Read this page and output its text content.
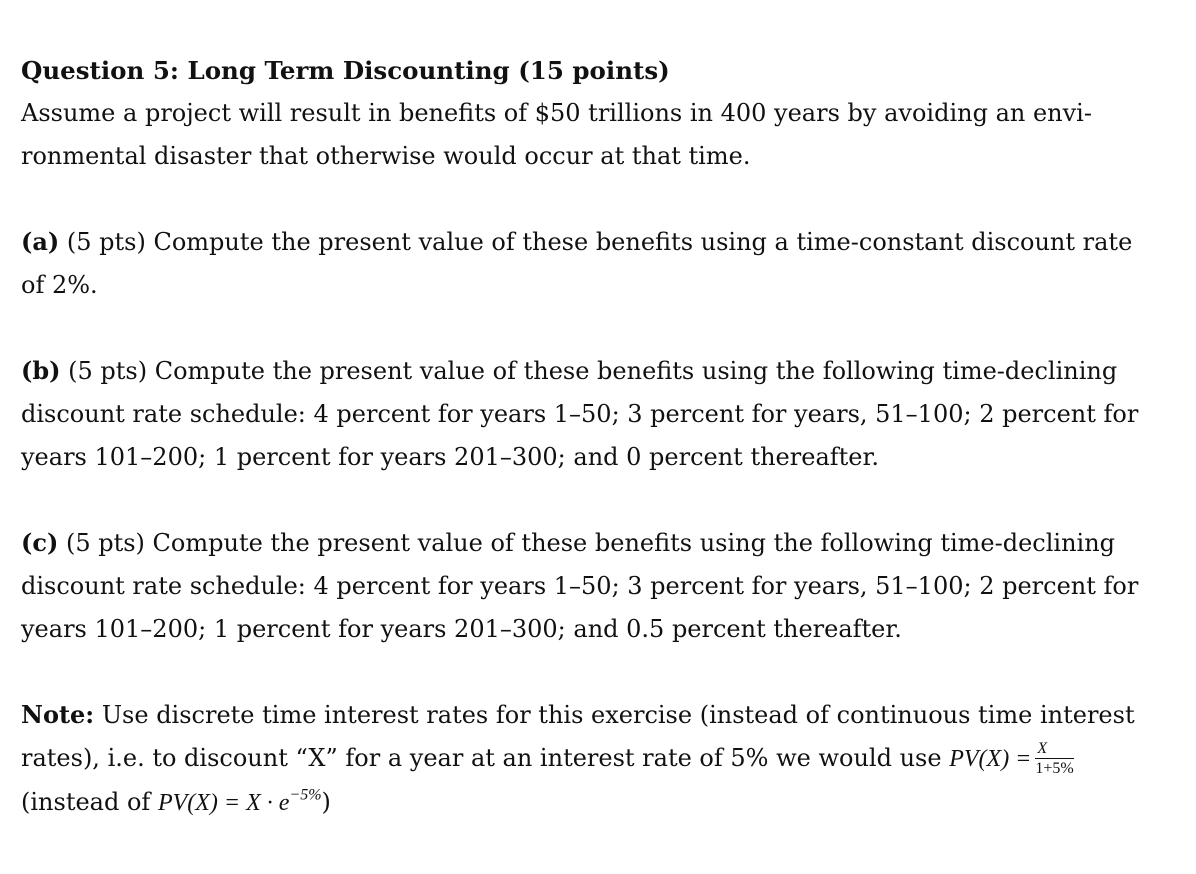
Question 5: Long Term Discounting (15 points)

Assume a project will result in benefits of $50 trillions in 400 years by avoiding an envi-
ronmental disaster that otherwise would occur at that time.

(a) (5 pts) Compute the present value of these benefits using a time-constant discount rate
of 2%.

(b) (5 pts) Compute the present value of these benefits using the following time-declining
discount rate schedule: 4 percent for years 1–50; 3 percent for years, 51–100; 2 percent for
years 101–200; 1 percent for years 201–300; and 0 percent thereafter.

(c) (5 pts) Compute the present value of these benefits using the following time-declining
discount rate schedule: 4 percent for years 1–50; 3 percent for years, 51–100; 2 percent for
years 101–200; 1 percent for years 201–300; and 0.5 percent thereafter.

Note: Use discrete time interest rates for this exercise (instead of continuous time interest
rates), i.e. to discount “X” for a year at an interest rate of 5% we would use $PV(X) = \frac{X}{1+5\%}$

(instead of $PV(X) = X \cdot e^{-5\%}$)
